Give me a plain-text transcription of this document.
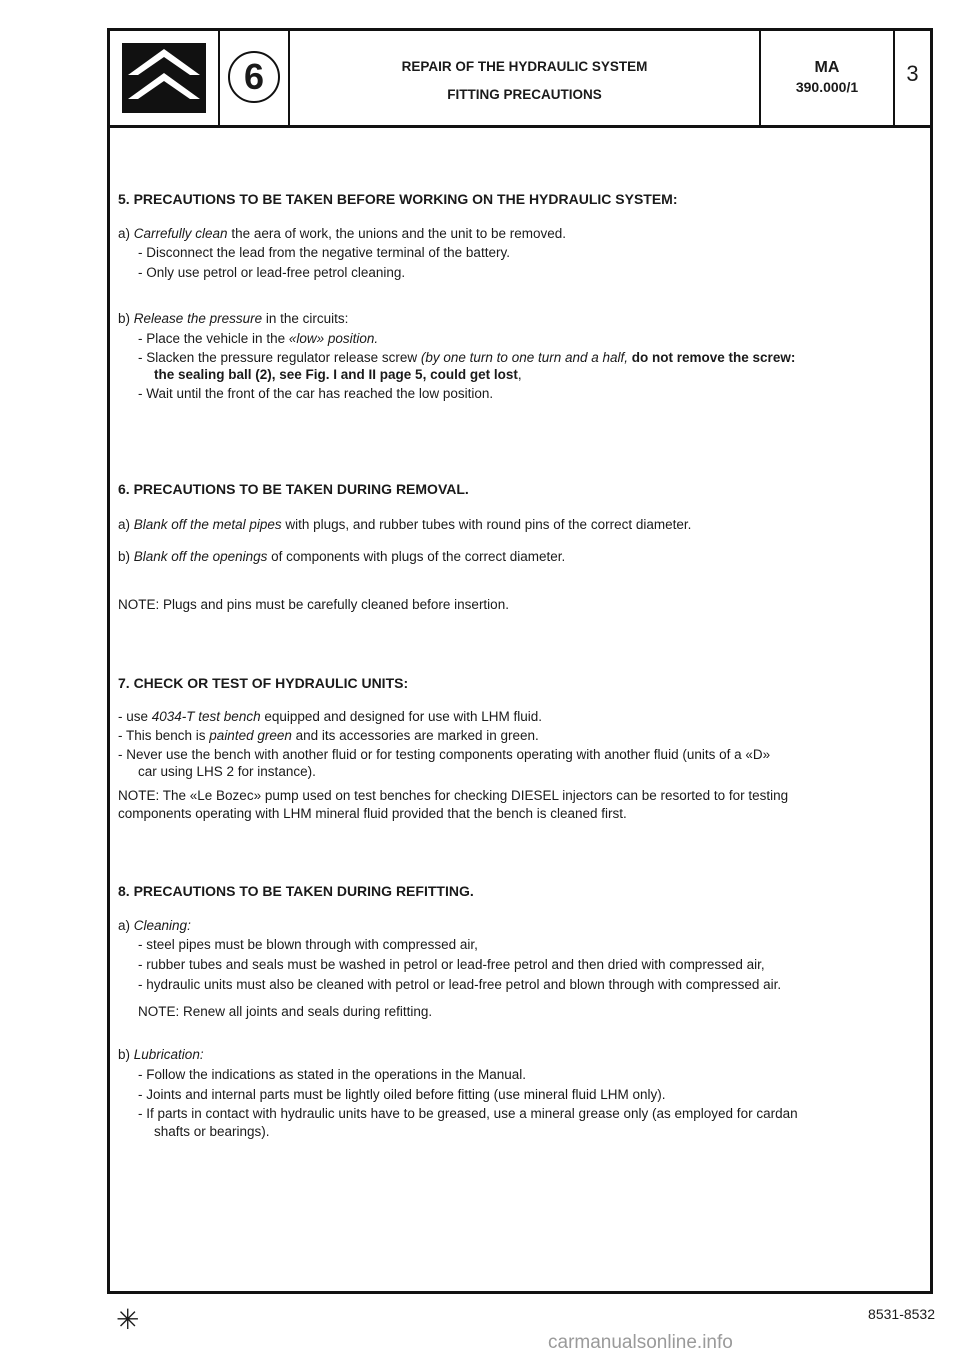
6	REPAIR OF THE HYDRAULIC SYSTEM
FITTING PRECAUTIONS
MA
390.000/1
3
5. PRECAUTIONS TO BE TAKEN BEFORE WORKING ON THE HYDRAULIC SYSTEM:
a) Carrefully clean the aera of work, the unions and the unit to be removed.
- Disconnect the lead from the negative terminal of the battery.
- Only use petrol or lead-free petrol cleaning.
b) Release the pressure in the circuits:
- Place the vehicle in the «low» position.
- Slacken the pressure regulator release screw (by one turn to one turn and a half, do not remove the screw:
the sealing ball (2), see Fig. I and II page 5, could get lost,
- Wait until the front of the car has reached the low position.
6. PRECAUTIONS TO BE TAKEN DURING REMOVAL.
a) Blank off the metal pipes with plugs, and rubber tubes with round pins of the correct diameter.
b) Blank off the openings of components with plugs of the correct diameter.
NOTE: Plugs and pins must be carefully cleaned before insertion.
7. CHECK OR TEST OF HYDRAULIC UNITS:
- use 4034-T test bench equipped and designed for use with LHM fluid.
- This bench is painted green and its accessories are marked in green.
- Never use the bench with another fluid or for testing components operating with another fluid (units of a «D»
car using LHS 2 for instance).
NOTE: The «Le Bozec» pump used on test benches for checking DIESEL injectors can be resorted to for testing
components operating with LHM mineral fluid provided that the bench is cleaned first.
8. PRECAUTIONS TO BE TAKEN DURING REFITTING.
a) Cleaning:
- steel pipes must be blown through with compressed air,
- rubber tubes and seals must be washed in petrol or lead-free petrol and then dried with compressed air,
- hydraulic units must also be cleaned with petrol or lead-free petrol and blown through with compressed air.
NOTE: Renew all joints and seals during refitting.
b) Lubrication:
- Follow the indications as stated in the operations in the Manual.
- Joints and internal parts must be lightly oiled before fitting (use mineral fluid LHM only).
- If parts in contact with hydraulic units have to be greased, use a mineral grease only (as employed for cardan
shafts or bearings).
✳	8531-8532
carmanualsonline.info
